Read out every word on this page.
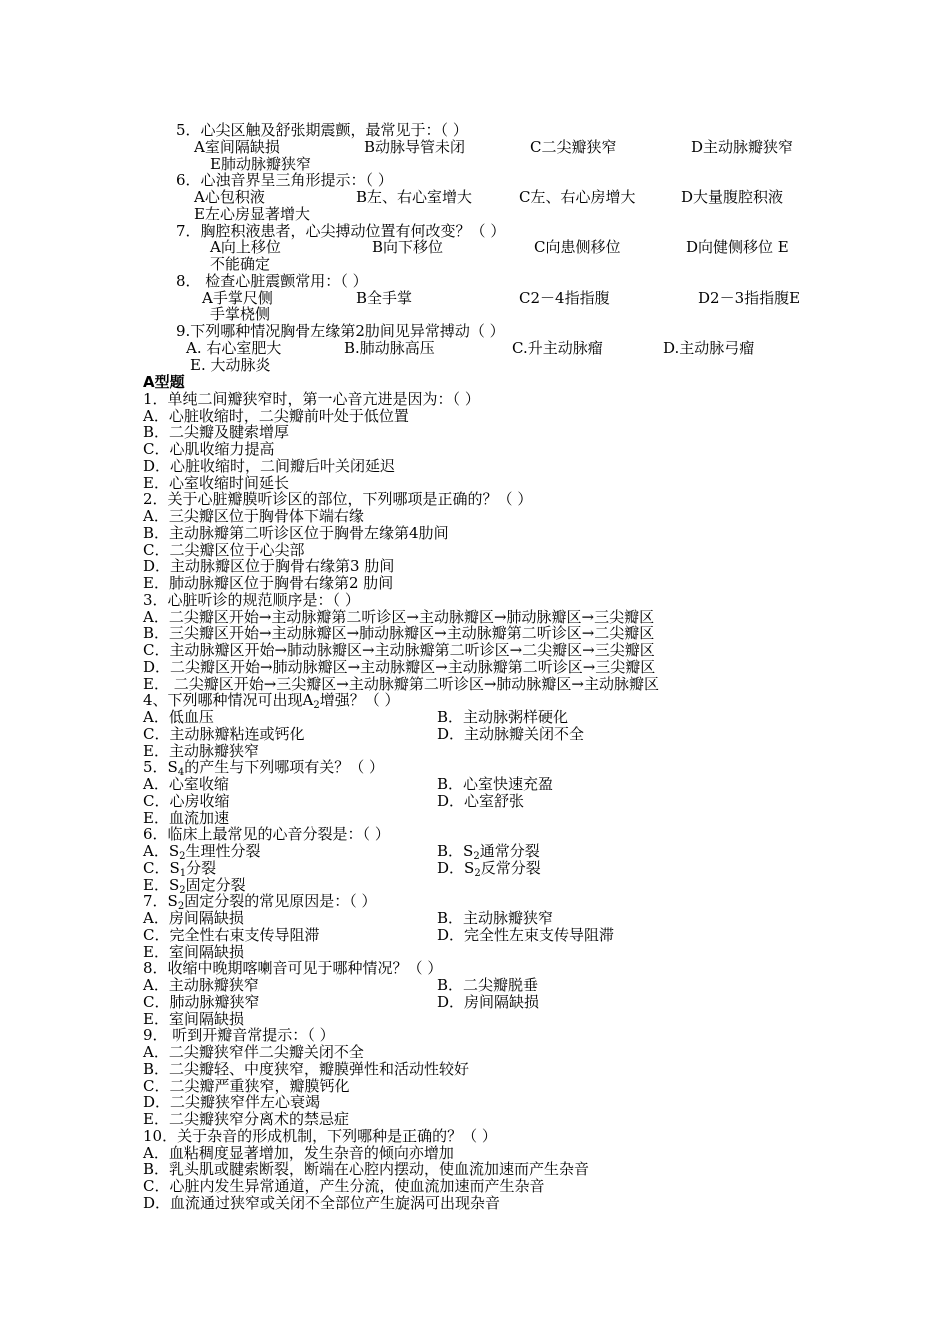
5．心尖区触及舒张期震颤，最常见于：（ ）
A室间隔缺损	B动脉导管未闭	C二尖瓣狭窄	D主动脉瓣狭窄
E肺动脉瓣狭窄
6．心浊音界呈三角形提示：（ ）
A心包积液	B左、右心室增大	C左、右心房增大	D大量腹腔积液
E左心房显著增大
7．胸腔积液患者，心尖搏动位置有何改变？（ ）
A向上移位	B向下移位	C向患侧移位	D向健侧移位 E
不能确定
8． 检查心脏震颤常用：（ ）
A手掌尺侧	B全手掌	C2－4指指腹	D2－3指指腹E
手掌桡侧
9.下列哪种情况胸骨左缘第2肋间见异常搏动（ ）
A. 右心室肥大	B.肺动脉高压	C.升主动脉瘤	D.主动脉弓瘤
E. 大动脉炎
A型题
1．单纯二间瓣狭窄时，第一心音亢进是因为：（ ）
A．心脏收缩时，二尖瓣前叶处于低位置
B．二尖瓣及腱索增厚
C．心肌收缩力提高
D．心脏收缩时，二间瓣后叶关闭延迟
E．心室收缩时间延长
2．关于心脏瓣膜听诊区的部位，下列哪项是正确的？（ ）
A．三尖瓣区位于胸骨体下端右缘
B．主动脉瓣第二听诊区位于胸骨左缘第4肋间
C．二尖瓣区位于心尖部
D．主动脉瓣区位于胸骨右缘第3 肋间
E．肺动脉瓣区位于胸骨右缘第2 肋间
3．心脏听诊的规范顺序是：（ ）
A．二尖瓣区开始→主动脉瓣第二听诊区→主动脉瓣区→肺动脉瓣区→三尖瓣区
B．三尖瓣区开始→主动脉瓣区→肺动脉瓣区→主动脉瓣第二听诊区→二尖瓣区
C．主动脉瓣区开始→肺动脉瓣区→主动脉瓣第二听诊区→二尖瓣区→三尖瓣区
D．二尖瓣区开始→肺动脉瓣区→主动脉瓣区→主动脉瓣第二听诊区→三尖瓣区
E． 二尖瓣区开始→三尖瓣区→主动脉瓣第二听诊区→肺动脉瓣区→主动脉瓣区
4、下列哪种情况可出现$A_2$增强？（ ）
A．低血压	B．主动脉粥样硬化
C．主动脉瓣粘连或钙化	D．主动脉瓣关闭不全
E．主动脉瓣狭窄
5．$S_4$的产生与下列哪项有关？（ ）
A．心室收缩	B．心室快速充盈
C．心房收缩	D．心室舒张
E．血流加速
6．临床上最常见的心音分裂是：（ ）
A．$S_2$生理性分裂	B．$S_2$通常分裂
C．$S_1$分裂	D．$S_2$反常分裂
E．$S_2$固定分裂
7．$S_2$固定分裂的常见原因是：（ ）
A．房间隔缺损	B．主动脉瓣狭窄
C．完全性右束支传导阻滞	D．完全性左束支传导阻滞
E．室间隔缺损
8．收缩中晚期喀喇音可见于哪种情况？（ ）
A．主动脉瓣狭窄	B．二尖瓣脱垂
C．肺动脉瓣狭窄	D．房间隔缺损
E．室间隔缺损
9． 听到开瓣音常提示：（ ）
A．二尖瓣狭窄伴二尖瓣关闭不全
B．二尖瓣轻、中度狭窄，瓣膜弹性和活动性较好
C．二尖瓣严重狭窄，瓣膜钙化
D．二尖瓣狭窄伴左心衰竭
E．二尖瓣狭窄分离术的禁忌症
10．关于杂音的形成机制，下列哪种是正确的？（ ）
A．血粘稠度显著增加，发生杂音的倾向亦增加
B．乳头肌或腱索断裂，断端在心腔内摆动，使血流加速而产生杂音
C．心脏内发生异常通道，产生分流，使血流加速而产生杂音
D．血流通过狭窄或关闭不全部位产生旋涡可出现杂音
